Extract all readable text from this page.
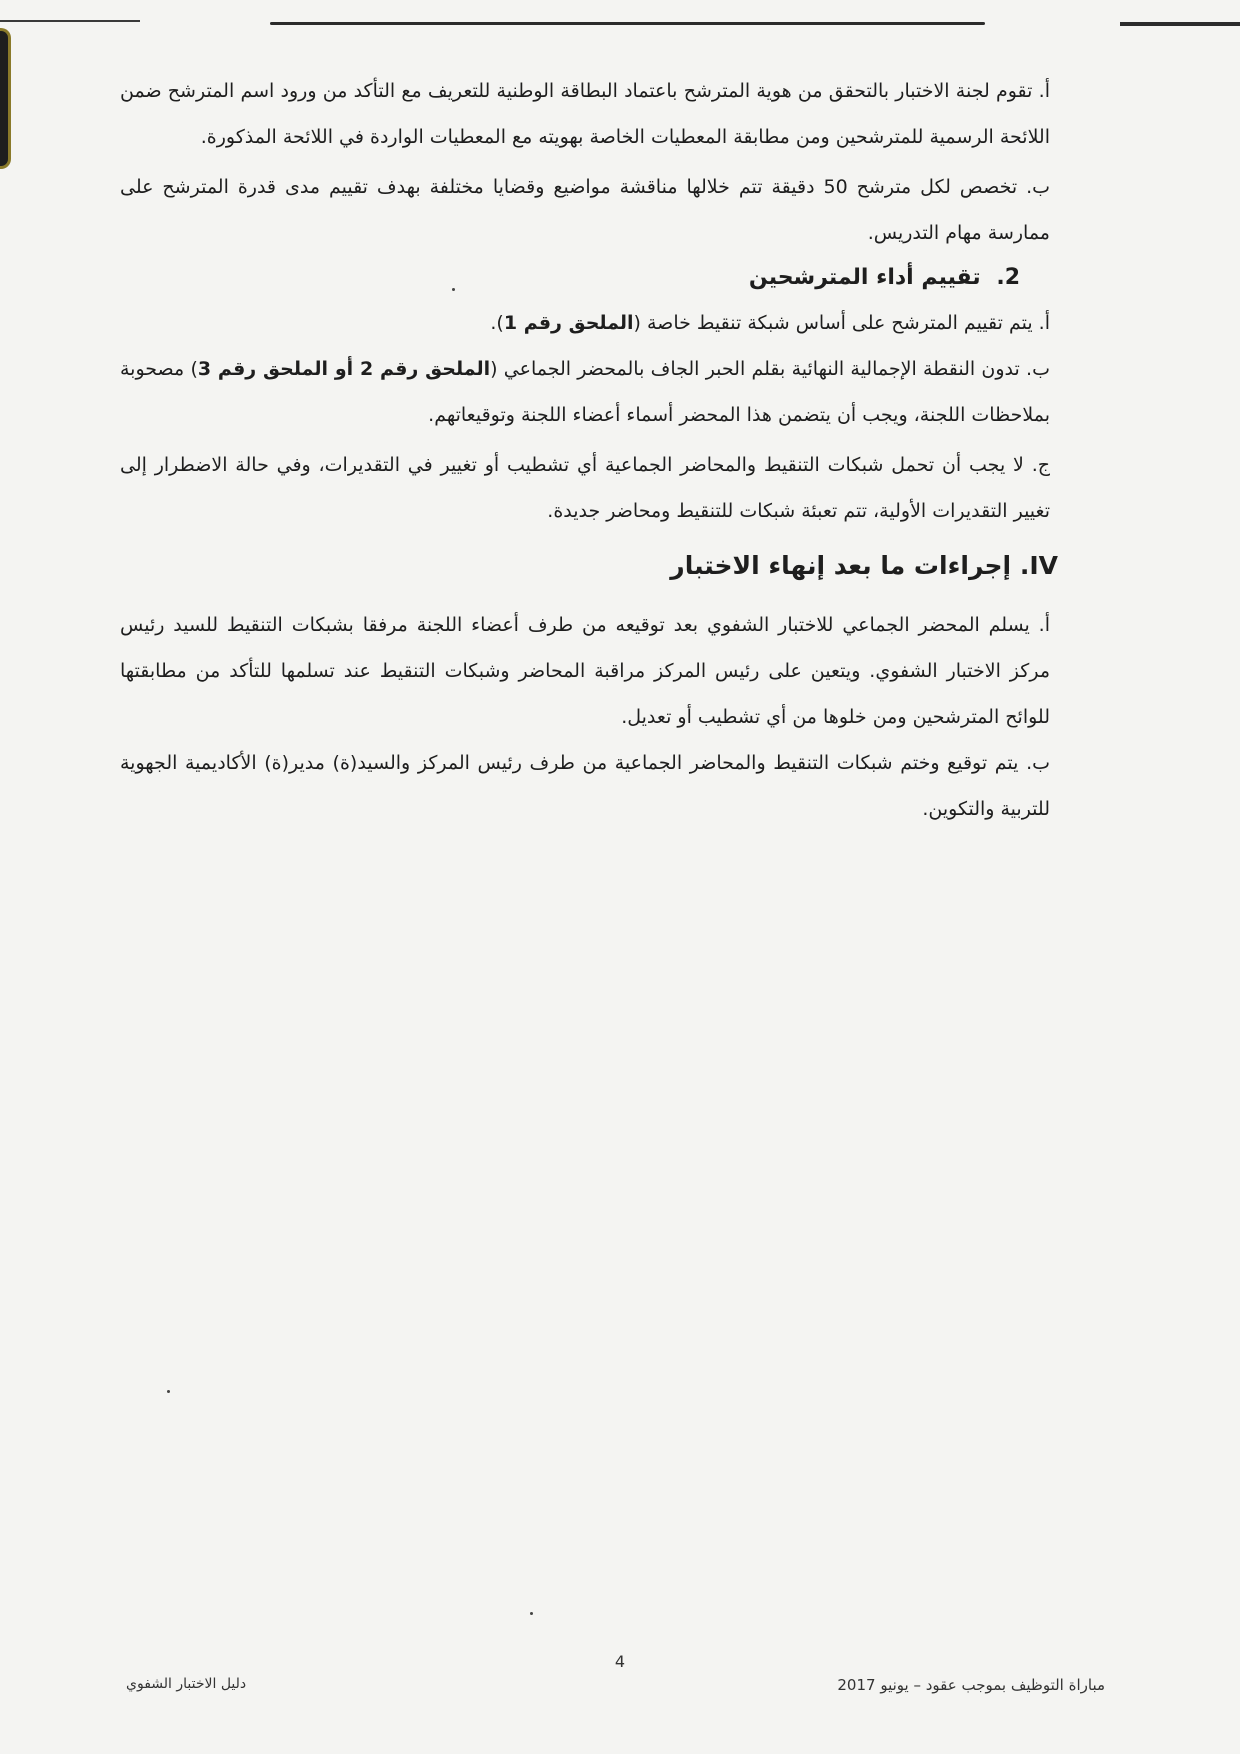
أ. تقوم لجنة الاختبار بالتحقق من هوية المترشح باعتماد البطاقة الوطنية للتعريف مع التأكد من ورود اسم المترشح ضمن اللائحة الرسمية للمترشحين ومن مطابقة المعطيات الخاصة بهويته مع المعطيات الواردة في اللائحة المذكورة.

ب. تخصص لكل مترشح 50 دقيقة تتم خلالها مناقشة مواضيع وقضايا مختلفة بهدف تقييم مدى قدرة المترشح على ممارسة مهام التدريس.

2. تقييم أداء المترشحين

أ. يتم تقييم المترشح على أساس شبكة تنقيط خاصة (الملحق رقم 1).

ب. تدون النقطة الإجمالية النهائية بقلم الحبر الجاف بالمحضر الجماعي (الملحق رقم 2 أو الملحق رقم 3) مصحوبة بملاحظات اللجنة، ويجب أن يتضمن هذا المحضر أسماء أعضاء اللجنة وتوقيعاتهم.

ج. لا يجب أن تحمل شبكات التنقيط والمحاضر الجماعية أي تشطيب أو تغيير في التقديرات، وفي حالة الاضطرار إلى تغيير التقديرات الأولية، تتم تعبئة شبكات للتنقيط ومحاضر جديدة.

IV. إجراءات ما بعد إنهاء الاختبار

أ. يسلم المحضر الجماعي للاختبار الشفوي بعد توقيعه من طرف أعضاء اللجنة مرفقا بشبكات التنقيط للسيد رئيس مركز الاختبار الشفوي. ويتعين على رئيس المركز مراقبة المحاضر وشبكات التنقيط عند تسلمها للتأكد من مطابقتها للوائح المترشحين ومن خلوها من أي تشطيب أو تعديل.

ب. يتم توقيع وختم شبكات التنقيط والمحاضر الجماعية من طرف رئيس المركز والسيد(ة) مدير(ة) الأكاديمية الجهوية للتربية والتكوين.

4
دليل الاختبار الشفوي	مباراة التوظيف بموجب عقود – يونيو 2017
